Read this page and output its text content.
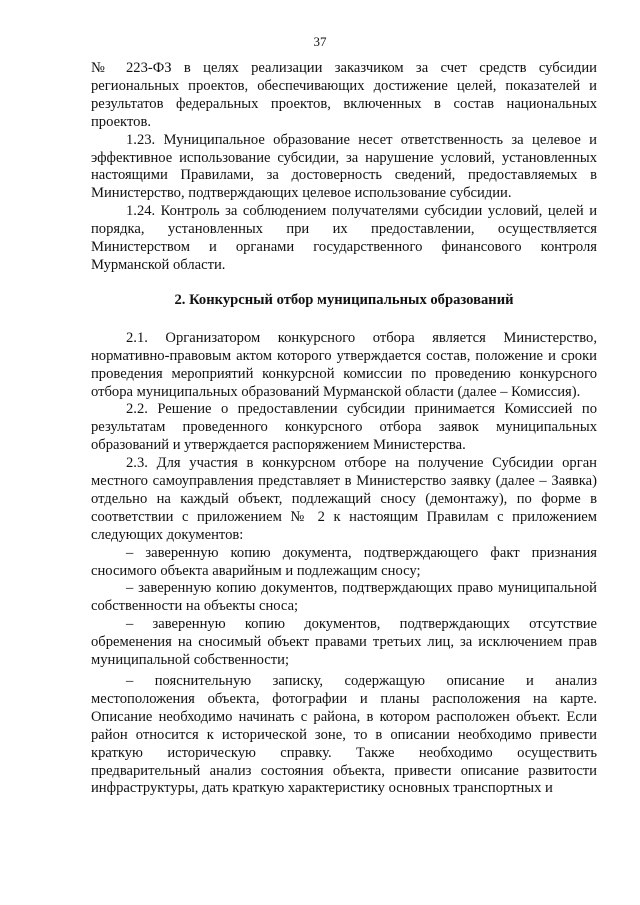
37

№ 223-ФЗ в целях реализации заказчиком за счет средств субсидии региональных проектов, обеспечивающих достижение целей, показателей и результатов федеральных проектов, включенных в состав национальных проектов.

1.23. Муниципальное образование несет ответственность за целевое и эффективное использование субсидии, за нарушение условий, установленных настоящими Правилами, за достоверность сведений, предоставляемых в Министерство, подтверждающих целевое использование субсидии.

1.24. Контроль за соблюдением получателями субсидии условий, целей и порядка, установленных при их предоставлении, осуществляется Министерством и органами государственного финансового контроля Мурманской области.

2. Конкурсный отбор муниципальных образований

2.1. Организатором конкурсного отбора является Министерство, нормативно-правовым актом которого утверждается состав, положение и сроки проведения мероприятий конкурсной комиссии по проведению конкурсного отбора муниципальных образований Мурманской области (далее – Комиссия).

2.2. Решение о предоставлении субсидии принимается Комиссией по результатам проведенного конкурсного отбора заявок муниципальных образований и утверждается распоряжением Министерства.

2.3. Для участия в конкурсном отборе на получение Субсидии орган местного самоуправления представляет в Министерство заявку (далее – Заявка) отдельно на каждый объект, подлежащий сносу (демонтажу), по форме в соответствии с приложением № 2 к настоящим Правилам с приложением следующих документов:

– заверенную копию документа, подтверждающего факт признания сносимого объекта аварийным и подлежащим сносу;

– заверенную копию документов, подтверждающих право муниципальной собственности на объекты сноса;

– заверенную копию документов, подтверждающих отсутствие обременения на сносимый объект правами третьих лиц, за исключением прав муниципальной собственности;

– пояснительную записку, содержащую описание и анализ местоположения объекта, фотографии и планы расположения на карте. Описание необходимо начинать с района, в котором расположен объект. Если район относится к исторической зоне, то в описании необходимо привести краткую историческую справку. Также необходимо осуществить предварительный анализ состояния объекта, привести описание развитости инфраструктуры, дать краткую характеристику основных транспортных и
